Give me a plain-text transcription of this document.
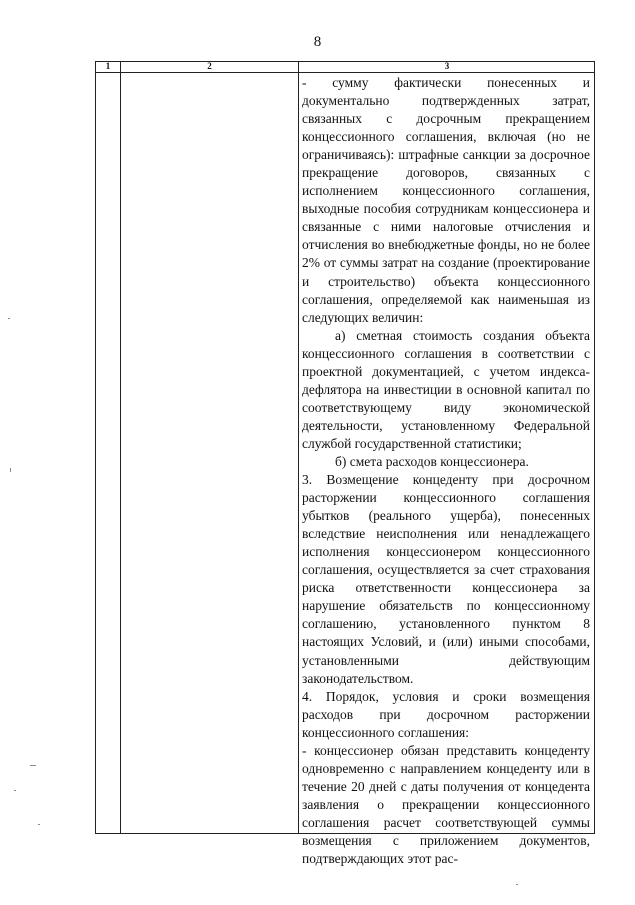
8
1	2	3

- сумму фактически понесенных и документально подтвержденных затрат, связанных с досрочным прекращением концессионного соглашения, включая (но не ограничиваясь): штрафные санкции за досрочное прекращение договоров, связанных с исполнением концессионного соглашения, выходные пособия сотрудникам концессионера и связанные с ними налоговые отчисления и отчисления во внебюджетные фонды, но не более 2% от суммы затрат на создание (проектирование и строительство) объекта концессионного соглашения, определяемой как наименьшая из следующих величин:

а) сметная стоимость создания объекта концессионного соглашения в соответствии с проектной документацией, с учетом индекса-дефлятора на инвестиции в основной капитал по соответствующему виду экономической деятельности, установленному Федеральной службой государственной статистики;

б) смета расходов концессионера.

3. Возмещение концеденту при досрочном расторжении концессионного соглашения убытков (реального ущерба), понесенных вследствие неисполнения или ненадлежащего исполнения концессионером концессионного соглашения, осуществляется за счет страхования риска ответственности концессионера за нарушение обязательств по концессионному соглашению, установленного пунктом 8 настоящих Условий, и (или) иными способами, установленными действующим законодательством.

4. Порядок, условия и сроки возмещения расходов при досрочном расторжении концессионного соглашения:

- концессионер обязан представить концеденту одновременно с направлением концеденту или в течение 20 дней с даты получения от концедента заявления о прекращении концессионного соглашения расчет соответствующей суммы возмещения с приложением документов, подтверждающих этот рас-
